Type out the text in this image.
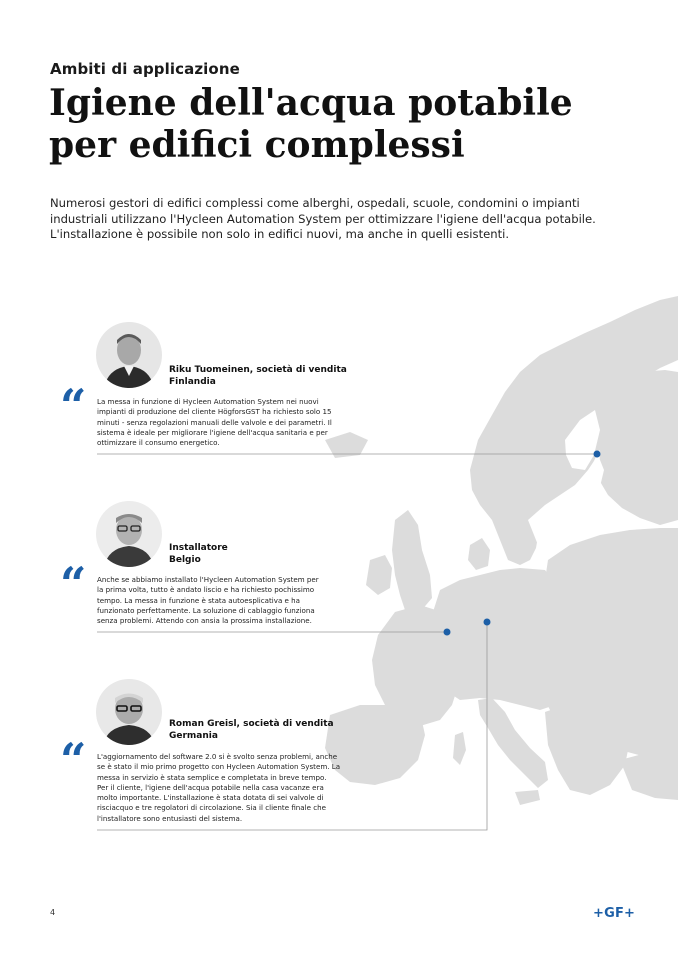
Ambiti di applicazione
Igiene dell'acqua potabile
per edifici complessi
Numerosi gestori di edifici complessi come alberghi, ospedali, scuole, condomini o impianti
industriali utilizzano l'Hycleen Automation System per ottimizzare l'igiene dell'acqua potabile.
L'installazione è possibile non solo in edifici nuovi, ma anche in quelli esistenti.
Riku Tuomeinen, società di vendita
Finlandia
“ La messa in funzione di Hycleen Automation System nei nuovi
impianti di produzione del cliente HögforsGST ha richiesto solo 15
minuti - senza regolazioni manuali delle valvole e dei parametri. Il
sistema è ideale per migliorare l'igiene dell'acqua sanitaria e per
ottimizzare il consumo energetico.
Installatore
Belgio
“ Anche se abbiamo installato l'Hycleen Automation System per
la prima volta, tutto è andato liscio e ha richiesto pochissimo
tempo. La messa in funzione è stata autoesplicativa e ha
funzionato perfettamente. La soluzione di cablaggio funziona
senza problemi. Attendo con ansia la prossima installazione.
Roman Greisl, società di vendita
Germania
“ L'aggiornamento del software 2.0 si è svolto senza problemi, anche
se è stato il mio primo progetto con Hycleen Automation System. La
messa in servizio è stata semplice e completata in breve tempo.
Per il cliente, l'igiene dell'acqua potabile nella casa vacanze era
molto importante. L'installazione è stata dotata di sei valvole di
risciacquo e tre regolatori di circolazione. Sia il cliente finale che
l'installatore sono entusiasti del sistema.
4	+GF+
